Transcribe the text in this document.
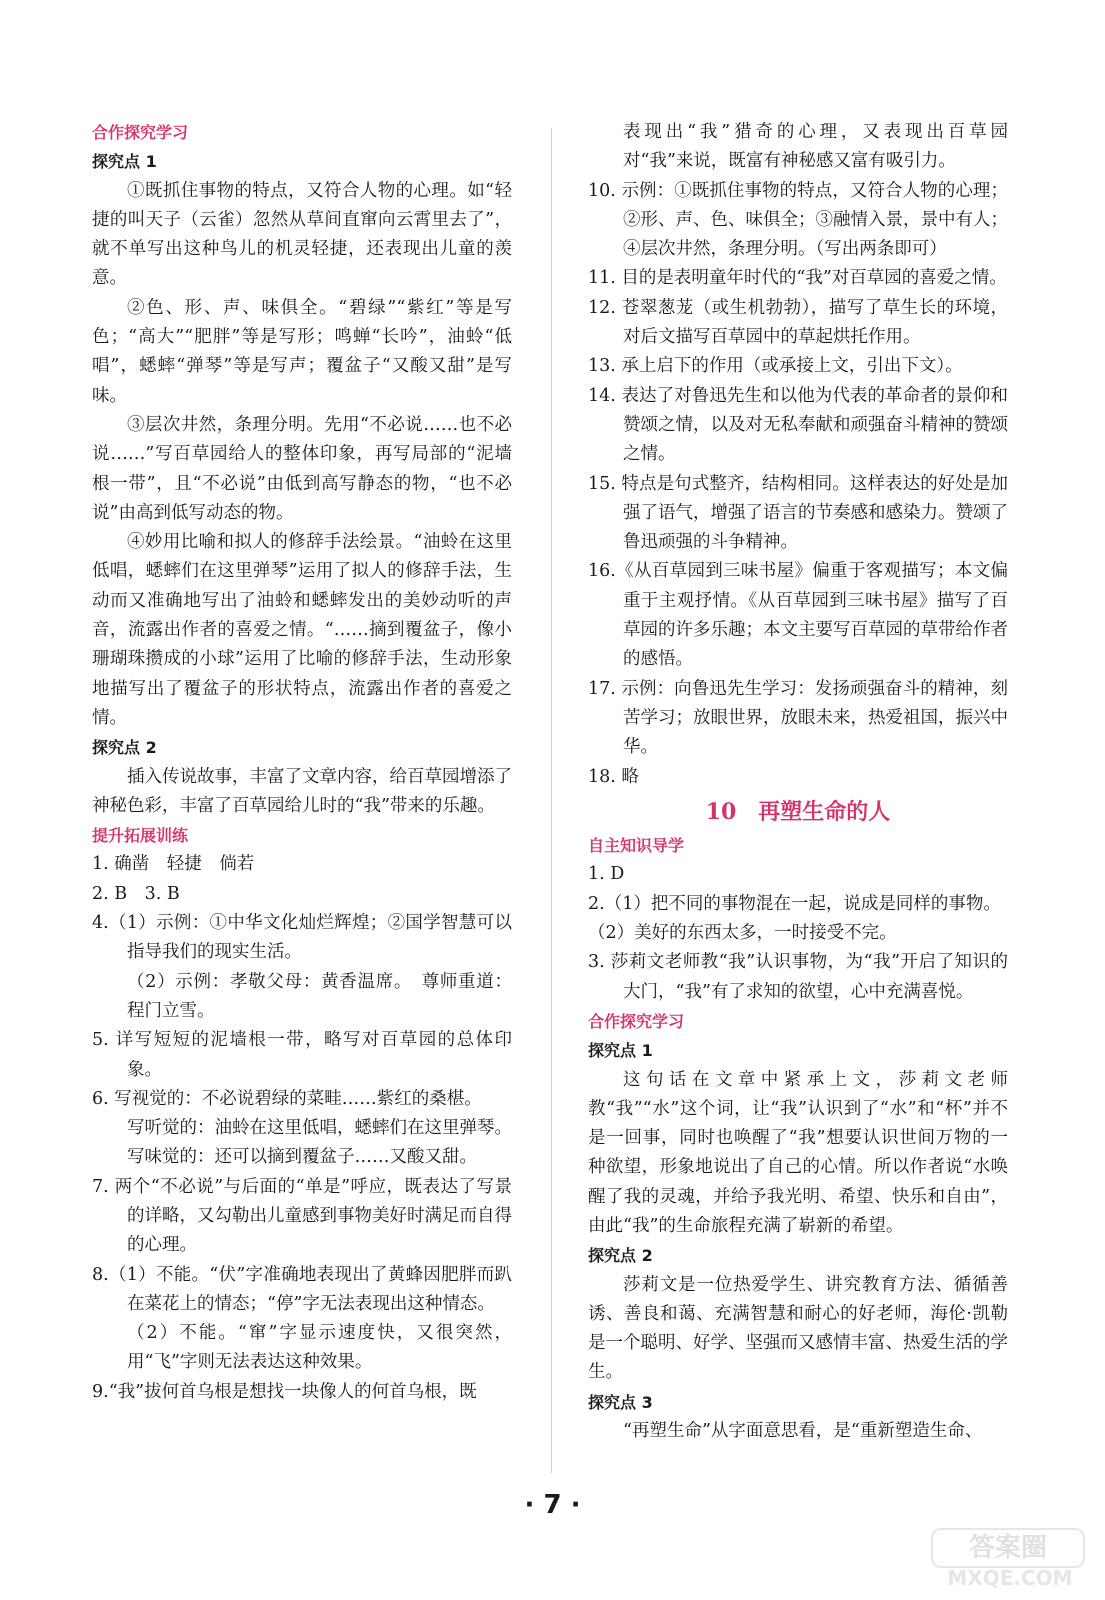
合作探究学习
探究点 1
①既抓住事物的特点，又符合人物的心理。如“轻捷的叫天子（云雀）忽然从草间直窜向云霄里去了”，就不单写出这种鸟儿的机灵轻捷，还表现出儿童的羡意。
②色、形、声、味俱全。“碧绿”“紫红”等是写色；“高大”“肥胖”等是写形；鸣蝉“长吟”，油蛉“低唱”，蟋蟀“弹琴”等是写声；覆盆子“又酸又甜”是写味。
③层次井然，条理分明。先用“不必说……也不必说……”写百草园给人的整体印象，再写局部的“泥墙根一带”，且“不必说”由低到高写静态的物，“也不必说”由高到低写动态的物。
④妙用比喻和拟人的修辞手法绘景。“油蛉在这里低唱，蟋蟀们在这里弹琴”运用了拟人的修辞手法，生动而又准确地写出了油蛉和蟋蟀发出的美妙动听的声音，流露出作者的喜爱之情。“……摘到覆盆子，像小珊瑚珠攒成的小球”运用了比喻的修辞手法，生动形象地描写出了覆盆子的形状特点，流露出作者的喜爱之情。
探究点 2
插入传说故事，丰富了文章内容，给百草园增添了神秘色彩，丰富了百草园给儿时的“我”带来的乐趣。
提升拓展训练
1. 确凿　轻捷　倘若
2. B　3. B
4.（1）示例：①中华文化灿烂辉煌；②国学智慧可以指导我们的现实生活。
（2）示例：孝敬父母：黄香温席。　尊师重道：程门立雪。
5. 详写短短的泥墙根一带，略写对百草园的总体印象。
6. 写视觉的：不必说碧绿的菜畦……紫红的桑椹。
写听觉的：油蛉在这里低唱，蟋蟀们在这里弹琴。
写味觉的：还可以摘到覆盆子……又酸又甜。
7. 两个“不必说”与后面的“单是”呼应，既表达了写景的详略，又勾勒出儿童感到事物美好时满足而自得的心理。
8.（1）不能。“伏”字准确地表现出了黄蜂因肥胖而趴在菜花上的情态；“停”字无法表现出这种情态。
（2）不能。“窜”字显示速度快，又很突然，用“飞”字则无法表达这种效果。
9.“我”拔何首乌根是想找一块像人的何首乌根，既
表现出“我”猎奇的心理，又表现出百草园对“我”来说，既富有神秘感又富有吸引力。
10. 示例：①既抓住事物的特点，又符合人物的心理；②形、声、色、味俱全；③融情入景，景中有人；④层次井然，条理分明。（写出两条即可）
11. 目的是表明童年时代的“我”对百草园的喜爱之情。
12. 苍翠葱茏（或生机勃勃），描写了草生长的环境，对后文描写百草园中的草起烘托作用。
13. 承上启下的作用（或承接上文，引出下文）。
14. 表达了对鲁迅先生和以他为代表的革命者的景仰和赞颂之情，以及对无私奉献和顽强奋斗精神的赞颂之情。
15. 特点是句式整齐，结构相同。这样表达的好处是加强了语气，增强了语言的节奏感和感染力。赞颂了鲁迅顽强的斗争精神。
16.《从百草园到三味书屋》偏重于客观描写；本文偏重于主观抒情。《从百草园到三味书屋》描写了百草园的许多乐趣；本文主要写百草园的草带给作者的感悟。
17. 示例：向鲁迅先生学习：发扬顽强奋斗的精神，刻苦学习；放眼世界，放眼未来，热爱祖国，振兴中华。
18. 略
10　再塑生命的人
自主知识导学
1. D
2.（1）把不同的事物混在一起，说成是同样的事物。
（2）美好的东西太多，一时接受不完。
3. 莎莉文老师教“我”认识事物，为“我”开启了知识的大门，“我”有了求知的欲望，心中充满喜悦。
合作探究学习
探究点 1
这句话在文章中紧承上文，莎莉文老师教“我”“水”这个词，让“我”认识到了“水”和“杯”并不是一回事，同时也唤醒了“我”想要认识世间万物的一种欲望，形象地说出了自己的心情。所以作者说“水唤醒了我的灵魂，并给予我光明、希望、快乐和自由”，由此“我”的生命旅程充满了崭新的希望。
探究点 2
莎莉文是一位热爱学生、讲究教育方法、循循善诱、善良和蔼、充满智慧和耐心的好老师，海伦·凯勒是一个聪明、好学、坚强而又感情丰富、热爱生活的学生。
探究点 3
“再塑生命”从字面意思看，是“重新塑造生命、
· 7 ·
答案圈
MXQE.COM
